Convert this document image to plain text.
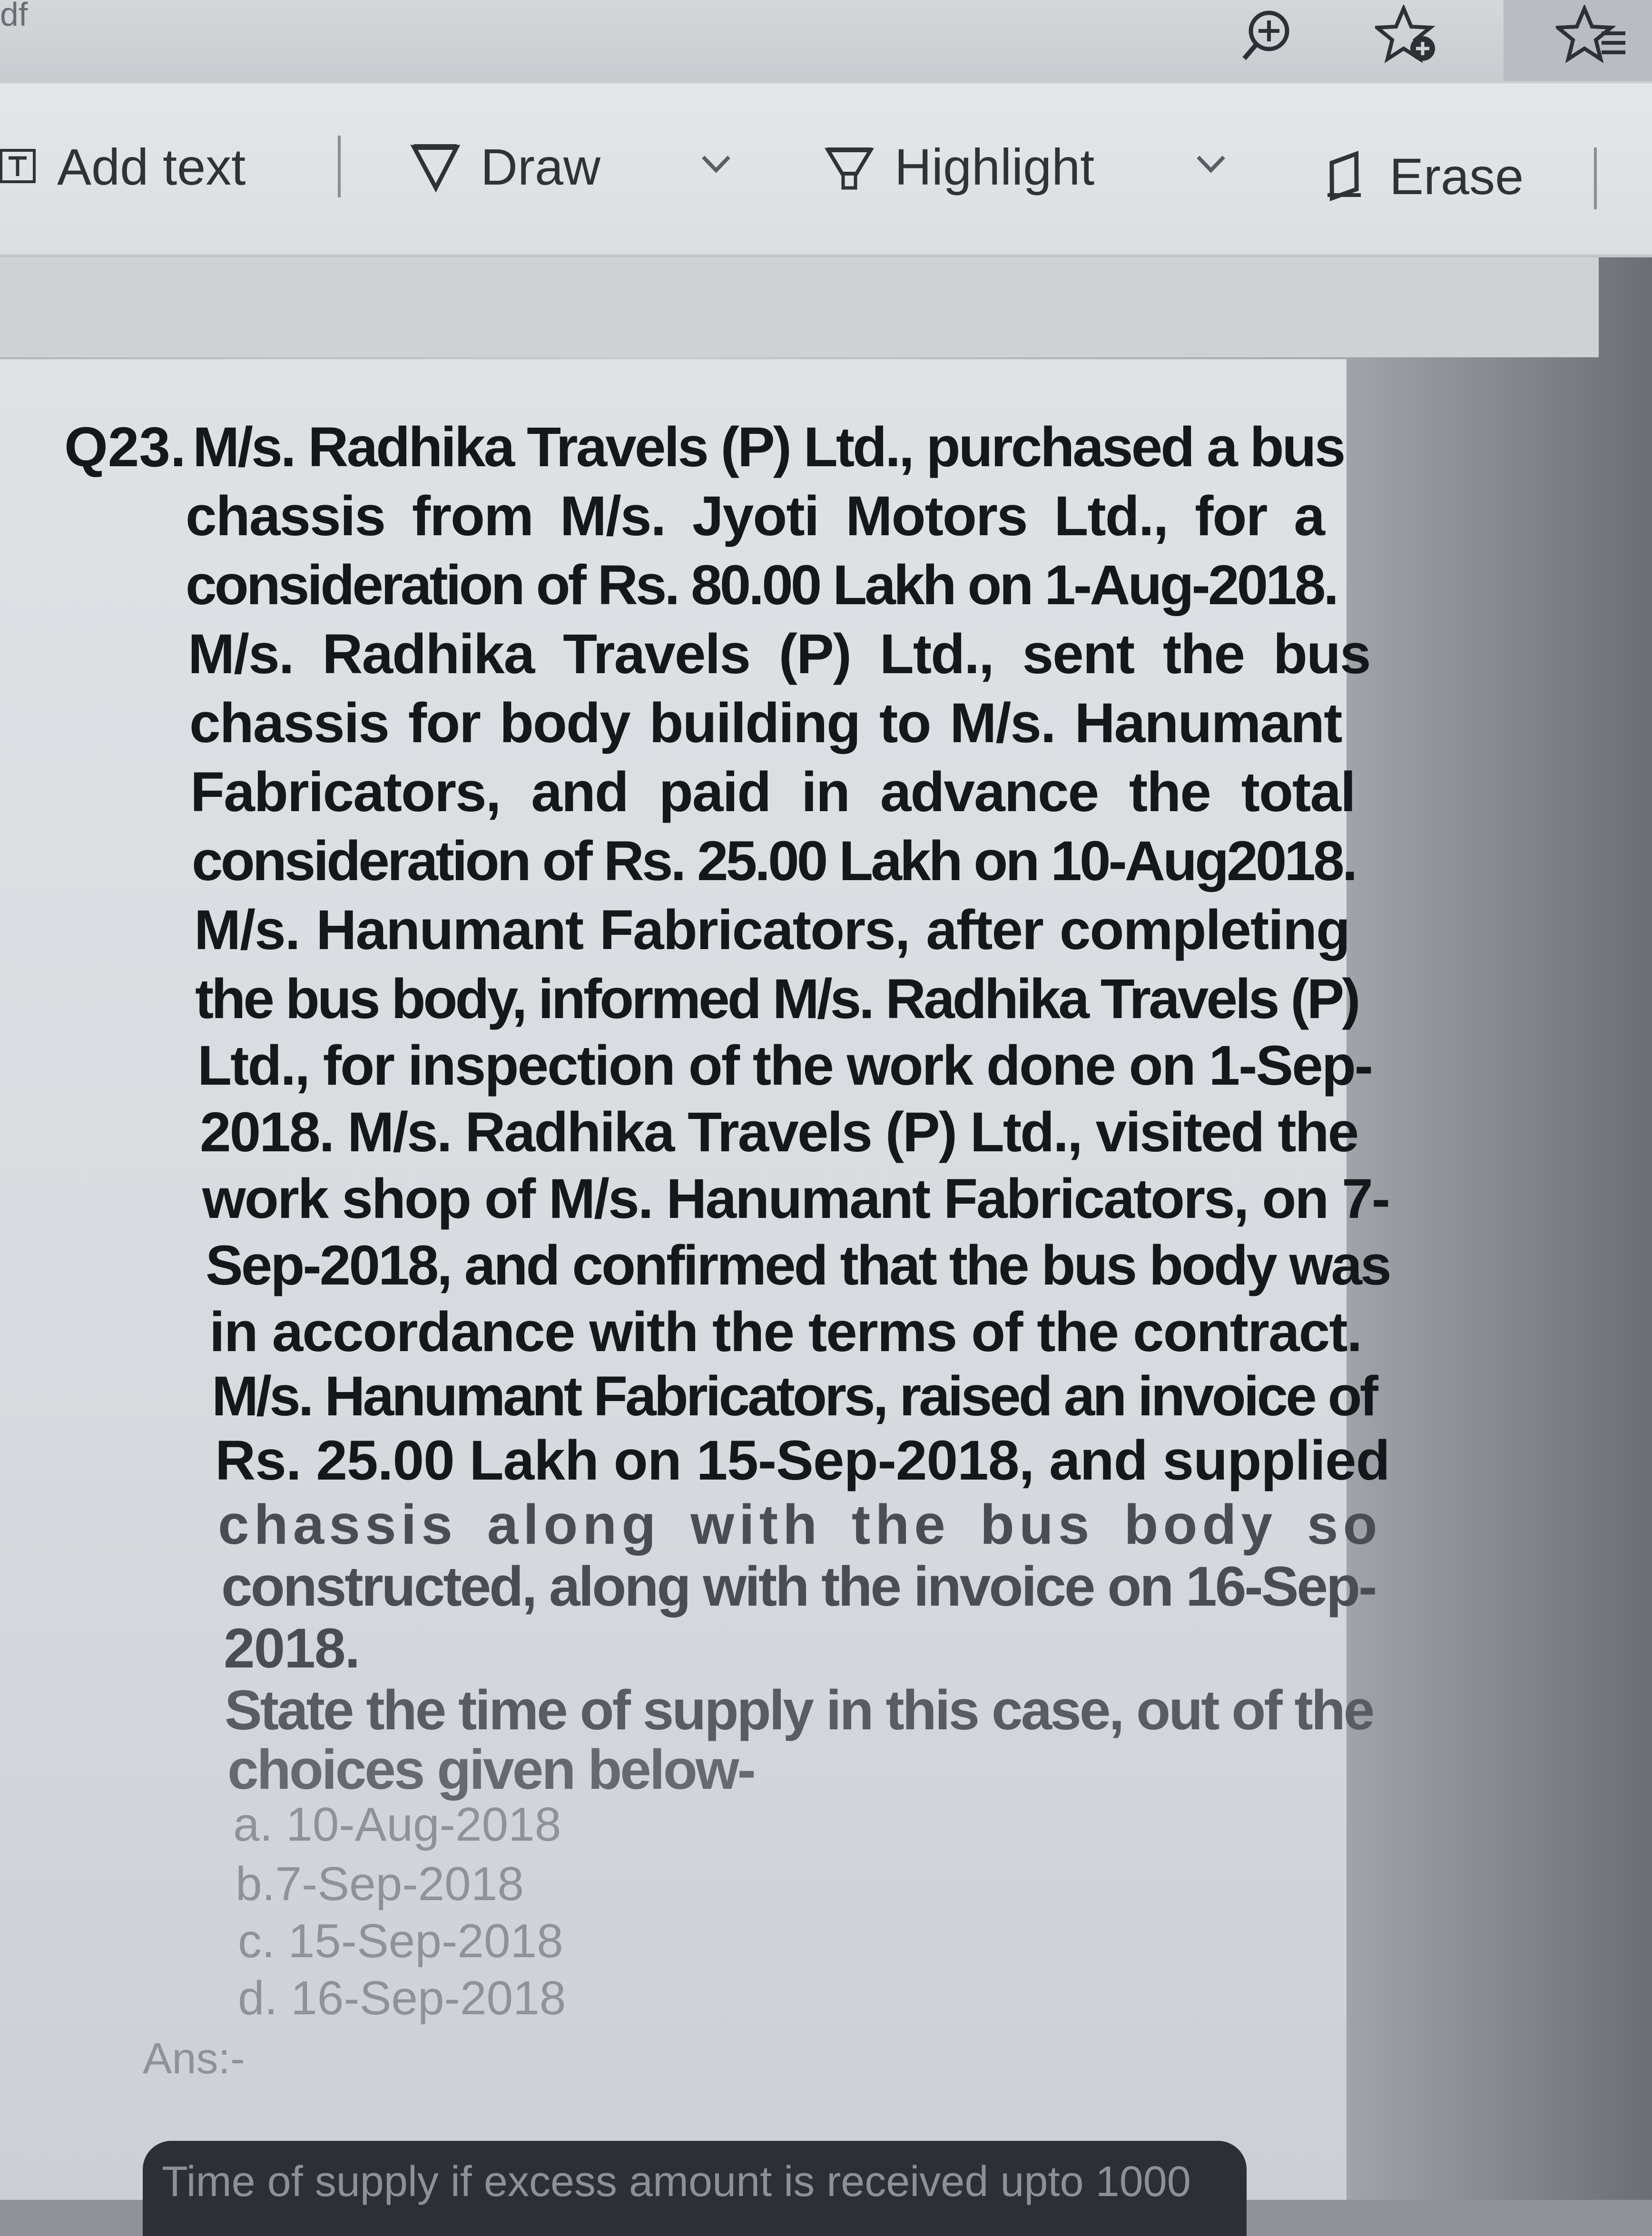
df
Add text	Draw	Highlight	Erase
Q23. M/s. Radhika Travels (P) Ltd., purchased a bus
chassis from M/s. Jyoti Motors Ltd., for a
consideration of Rs. 80.00 Lakh on 1-Aug-2018.
M/s. Radhika Travels (P) Ltd., sent the bus
chassis for body building to M/s. Hanumant
Fabricators, and paid in advance the total
consideration of Rs. 25.00 Lakh on 10-Aug2018.
M/s. Hanumant Fabricators, after completing
the bus body, informed M/s. Radhika Travels (P)
Ltd., for inspection of the work done on 1-Sep-
2018. M/s. Radhika Travels (P) Ltd., visited the
work shop of M/s. Hanumant Fabricators, on 7-
Sep-2018, and confirmed that the bus body was
in accordance with the terms of the contract.
M/s. Hanumant Fabricators, raised an invoice of
Rs. 25.00 Lakh on 15-Sep-2018, and supplied
chassis along with the bus body so
constructed, along with the invoice on 16-Sep-
2018.
State the time of supply in this case, out of the
choices given below-
a. 10-Aug-2018
b.7-Sep-2018
c. 15-Sep-2018
d. 16-Sep-2018
Ans:-
Time of supply if excess amount is received upto 1000
